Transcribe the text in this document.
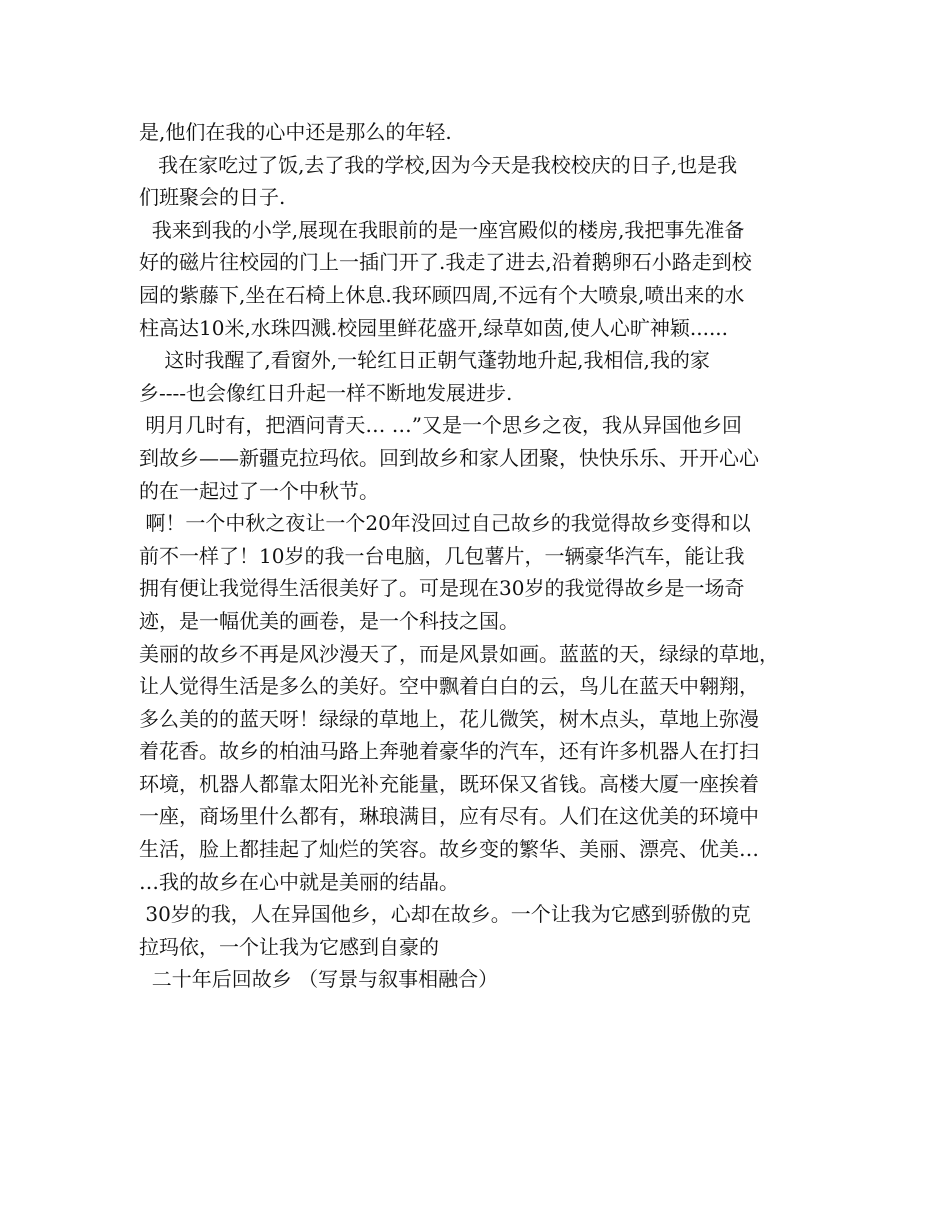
是,他们在我的心中还是那么的年轻.
我在家吃过了饭,去了我的学校,因为今天是我校校庆的日子,也是我
们班聚会的日子.
我来到我的小学,展现在我眼前的是一座宫殿似的楼房,我把事先准备
好的磁片往校园的门上一插门开了.我走了进去,沿着鹅卵石小路走到校
园的紫藤下,坐在石椅上休息.我环顾四周,不远有个大喷泉,喷出来的水
柱高达10米,水珠四溅.校园里鲜花盛开,绿草如茵,使人心旷神颖......
这时我醒了,看窗外,一轮红日正朝气蓬勃地升起,我相信,我的家
乡----也会像红日升起一样不断地发展进步.
明月几时有，把酒问青天… …”又是一个思乡之夜，我从异国他乡回
到故乡——新疆克拉玛依。回到故乡和家人团聚，快快乐乐、开开心心
的在一起过了一个中秋节。
啊！一个中秋之夜让一个20年没回过自己故乡的我觉得故乡变得和以
前不一样了！10岁的我一台电脑，几包薯片，一辆豪华汽车，能让我
拥有便让我觉得生活很美好了。可是现在30岁的我觉得故乡是一场奇
迹，是一幅优美的画卷，是一个科技之国。
美丽的故乡不再是风沙漫天了，而是风景如画。蓝蓝的天，绿绿的草地，
让人觉得生活是多么的美好。空中飘着白白的云，鸟儿在蓝天中翱翔，
多么美的的蓝天呀！绿绿的草地上，花儿微笑，树木点头，草地上弥漫
着花香。故乡的柏油马路上奔驰着豪华的汽车，还有许多机器人在打扫
环境，机器人都靠太阳光补充能量，既环保又省钱。高楼大厦一座挨着
一座，商场里什么都有，琳琅满目，应有尽有。人们在这优美的环境中
生活，脸上都挂起了灿烂的笑容。故乡变的繁华、美丽、漂亮、优美…
…我的故乡在心中就是美丽的结晶。
30岁的我，人在异国他乡，心却在故乡。一个让我为它感到骄傲的克
拉玛依，一个让我为它感到自豪的
二十年后回故乡 （写景与叙事相融合）
